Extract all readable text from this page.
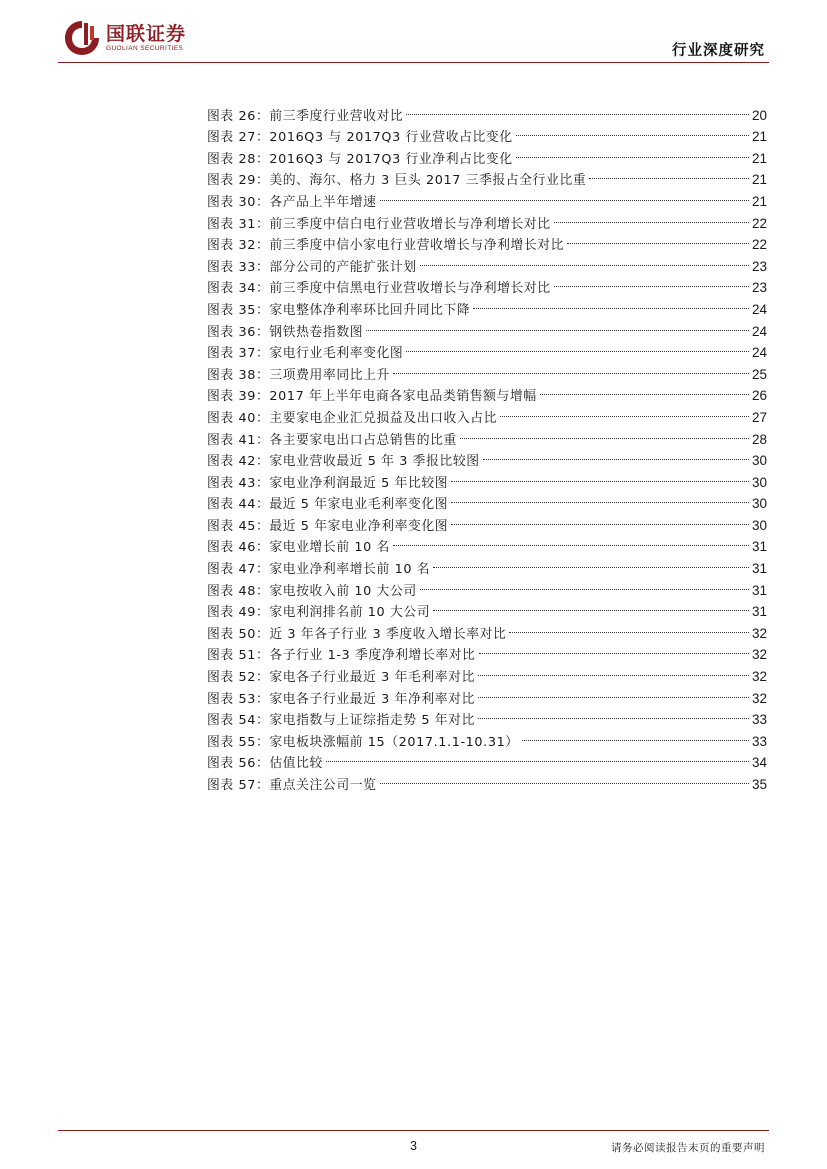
国联证券
GUOLIAN SECURITIES	行业深度研究
图表 26：前三季度行业营收对比	20
图表 27：2016Q3 与 2017Q3 行业营收占比变化	21
图表 28：2016Q3 与 2017Q3 行业净利占比变化	21
图表 29：美的、海尔、格力 3 巨头 2017 三季报占全行业比重	21
图表 30：各产品上半年增速	21
图表 31：前三季度中信白电行业营收增长与净利增长对比	22
图表 32：前三季度中信小家电行业营收增长与净利增长对比	22
图表 33：部分公司的产能扩张计划	23
图表 34：前三季度中信黑电行业营收增长与净利增长对比	23
图表 35：家电整体净利率环比回升同比下降	24
图表 36：钢铁热卷指数图	24
图表 37：家电行业毛利率变化图	24
图表 38：三项费用率同比上升	25
图表 39：2017 年上半年电商各家电品类销售额与增幅	26
图表 40：主要家电企业汇兑损益及出口收入占比	27
图表 41：各主要家电出口占总销售的比重	28
图表 42：家电业营收最近 5 年 3 季报比较图	30
图表 43：家电业净利润最近 5 年比较图	30
图表 44：最近 5 年家电业毛利率变化图	30
图表 45：最近 5 年家电业净利率变化图	30
图表 46：家电业增长前 10 名	31
图表 47：家电业净利率增长前 10 名	31
图表 48：家电按收入前 10 大公司	31
图表 49：家电利润排名前 10 大公司	31
图表 50：近 3 年各子行业 3 季度收入增长率对比	32
图表 51：各子行业 1-3 季度净利增长率对比	32
图表 52：家电各子行业最近 3 年毛利率对比	32
图表 53：家电各子行业最近 3 年净利率对比	32
图表 54：家电指数与上证综指走势 5 年对比	33
图表 55：家电板块涨幅前 15（2017.1.1-10.31）	33
图表 56：估值比较	34
图表 57：重点关注公司一览	35
3	请务必阅读报告末页的重要声明
